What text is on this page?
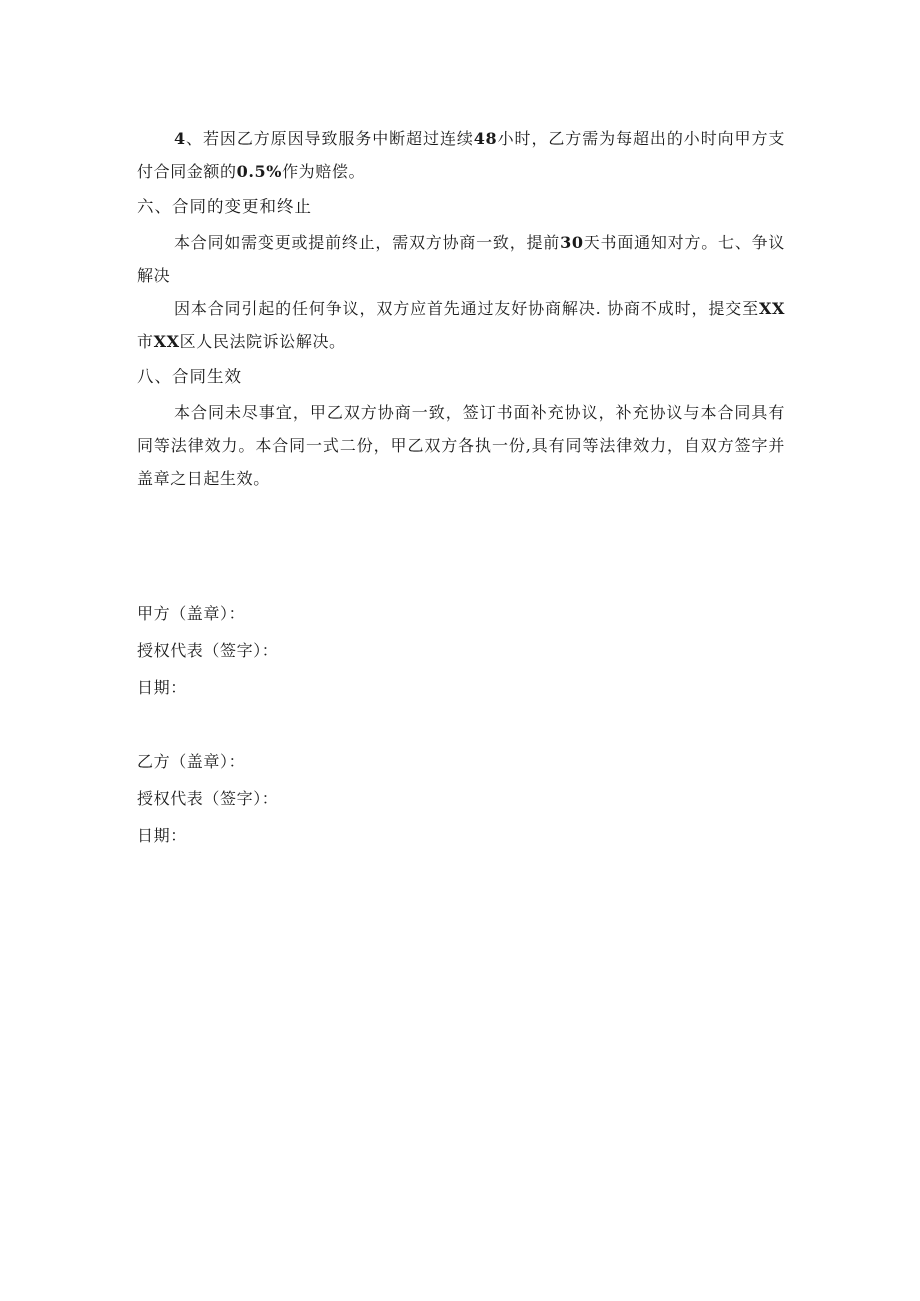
4、若因乙方原因导致服务中断超过连续48小时，乙方需为每超出的小时向甲方支付合同金额的0.5%作为赔偿。

六、合同的变更和终止

本合同如需变更或提前终止，需双方协商一致，提前30天书面通知对方。七、争议解决

因本合同引起的任何争议，双方应首先通过友好协商解决. 协商不成时，提交至XX市XX区人民法院诉讼解决。

八、合同生效

本合同未尽事宜，甲乙双方协商一致，签订书面补充协议，补充协议与本合同具有同等法律效力。本合同一式二份，甲乙双方各执一份,具有同等法律效力，自双方签字并盖章之日起生效。

甲方（盖章）：

授权代表（签字）：

日期：

乙方（盖章）：

授权代表（签字）：

日期：
